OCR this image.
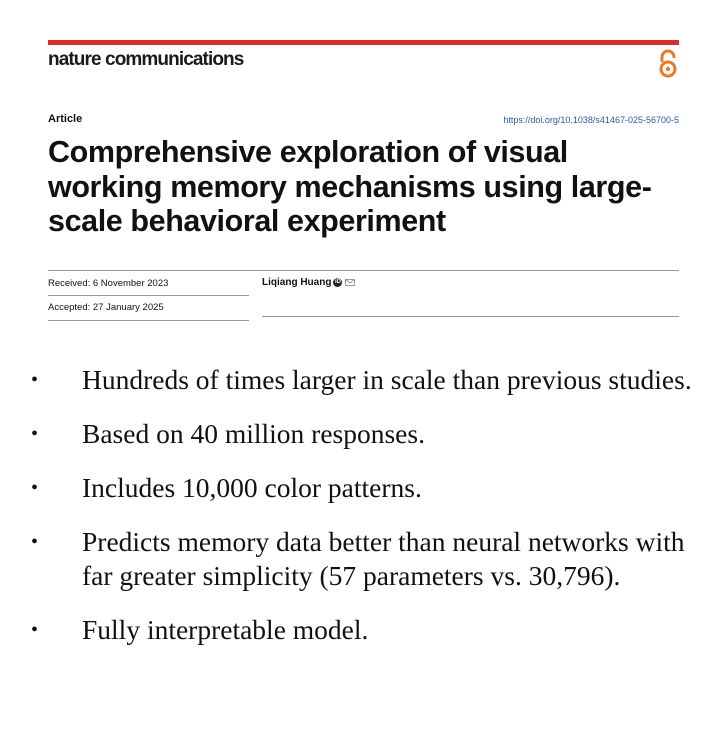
nature communications
Article	https://doi.org/10.1038/s41467-025-56700-5
Comprehensive exploration of visual working memory mechanisms using large-scale behavioral experiment
Received: 6 November 2023
Accepted: 27 January 2025
Liqiang Huang iD
• Hundreds of times larger in scale than previous studies.
• Based on 40 million responses.
• Includes 10,000 color patterns.
• Predicts memory data better than neural networks with far greater simplicity (57 parameters vs. 30,796).
• Fully interpretable model.
